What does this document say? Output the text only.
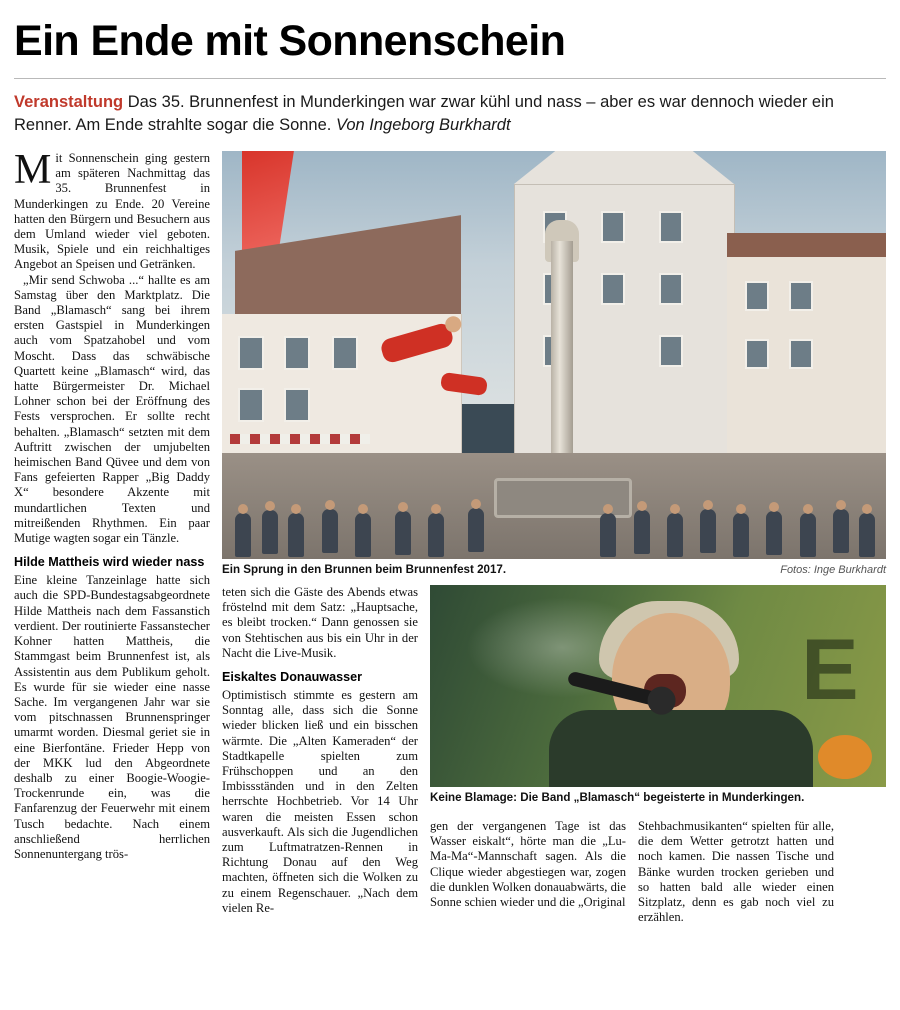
Ein Ende mit Sonnenschein

Veranstaltung Das 35. Brunnenfest in Munderkingen war zwar kühl und nass – aber es war dennoch wieder ein Renner. Am Ende strahlte sogar die Sonne. Von Ingeborg Burkhardt

Mit Sonnenschein ging gestern am späteren Nachmittag das 35. Brunnenfest in Munderkingen zu Ende. 20 Vereine hatten den Bürgern und Besuchern aus dem Umland wieder viel geboten. Musik, Spiele und ein reichhaltiges Angebot an Speisen und Getränken.

„Mir send Schwoba ...“ hallte es am Samstag über den Marktplatz. Die Band „Blamasch“ sang bei ihrem ersten Gastspiel in Munderkingen auch vom Spatzahobel und vom Moscht. Dass das schwäbische Quartett keine „Blamasch“ wird, das hatte Bürgermeister Dr. Michael Lohner schon bei der Eröffnung des Fests versprochen. Er sollte recht behalten. „Blamasch“ setzten mit dem Auftritt zwischen der umjubelten heimischen Band Qüvee und dem von Fans gefeierten Rapper „Big Daddy X“ besondere Akzente mit mundartlichen Texten und mitreißenden Rhythmen. Ein paar Mutige wagten sogar ein Tänzle.

Hilde Mattheis wird wieder nass

Eine kleine Tanzeinlage hatte sich auch die SPD-Bundestagsabgeordnete Hilde Mattheis nach dem Fassanstich verdient. Der routinierte Fassanstecher Kohner hatten Mattheis, die Stammgast beim Brunnenfest ist, als Assistentin aus dem Publikum geholt. Es wurde für sie wieder eine nasse Sache. Im vergangenen Jahr war sie vom pitschnassen Brunnenspringer umarmt worden. Diesmal geriet sie in eine Bierfontäne. Frieder Hepp von der MKK lud den Abgeordnete deshalb zu einer Boogie-Woogie-Trockenrunde ein, was die Fanfarenzug der Feuerwehr mit einem Tusch bedachte. Nach einem anschließend herrlichen Sonnenuntergang trös-

Ein Sprung in den Brunnen beim Brunnenfest 2017.	Fotos: Inge Burkhardt

teten sich die Gäste des Abends etwas fröstelnd mit dem Satz: „Hauptsache, es bleibt trocken.“ Dann genossen sie von Stehtischen aus bis ein Uhr in der Nacht die Live-Musik.

Eiskaltes Donauwasser

Optimistisch stimmte es gestern am Sonntag alle, dass sich die Sonne wieder blicken ließ und ein bisschen wärmte. Die „Alten Kameraden“ der Stadtkapelle spielten zum Frühschoppen und an den Imbissständen und in den Zelten herrschte Hochbetrieb. Vor 14 Uhr waren die meisten Essen schon ausverkauft. Als sich die Jugendlichen zum Luftmatratzen-Rennen in Richtung Donau auf den Weg machten, öffneten sich die Wolken zu zu einem Regenschauer. „Nach dem vielen Re-

E
Keine Blamage: Die Band „Blamasch“ begeisterte in Munderkingen.

gen der vergangenen Tage ist das Wasser eiskalt“, hörte man die „Lu-Ma-Ma“-Mannschaft sagen. Als die Clique wieder abgestiegen war, zogen die dunklen Wolken donauabwärts, die Sonne schien wieder und die „Original

Stehbachmusikanten“ spielten für alle, die dem Wetter getrotzt hatten und noch kamen. Die nassen Tische und Bänke wurden trocken gerieben und so hatten bald alle wieder einen Sitzplatz, denn es gab noch viel zu erzählen.
